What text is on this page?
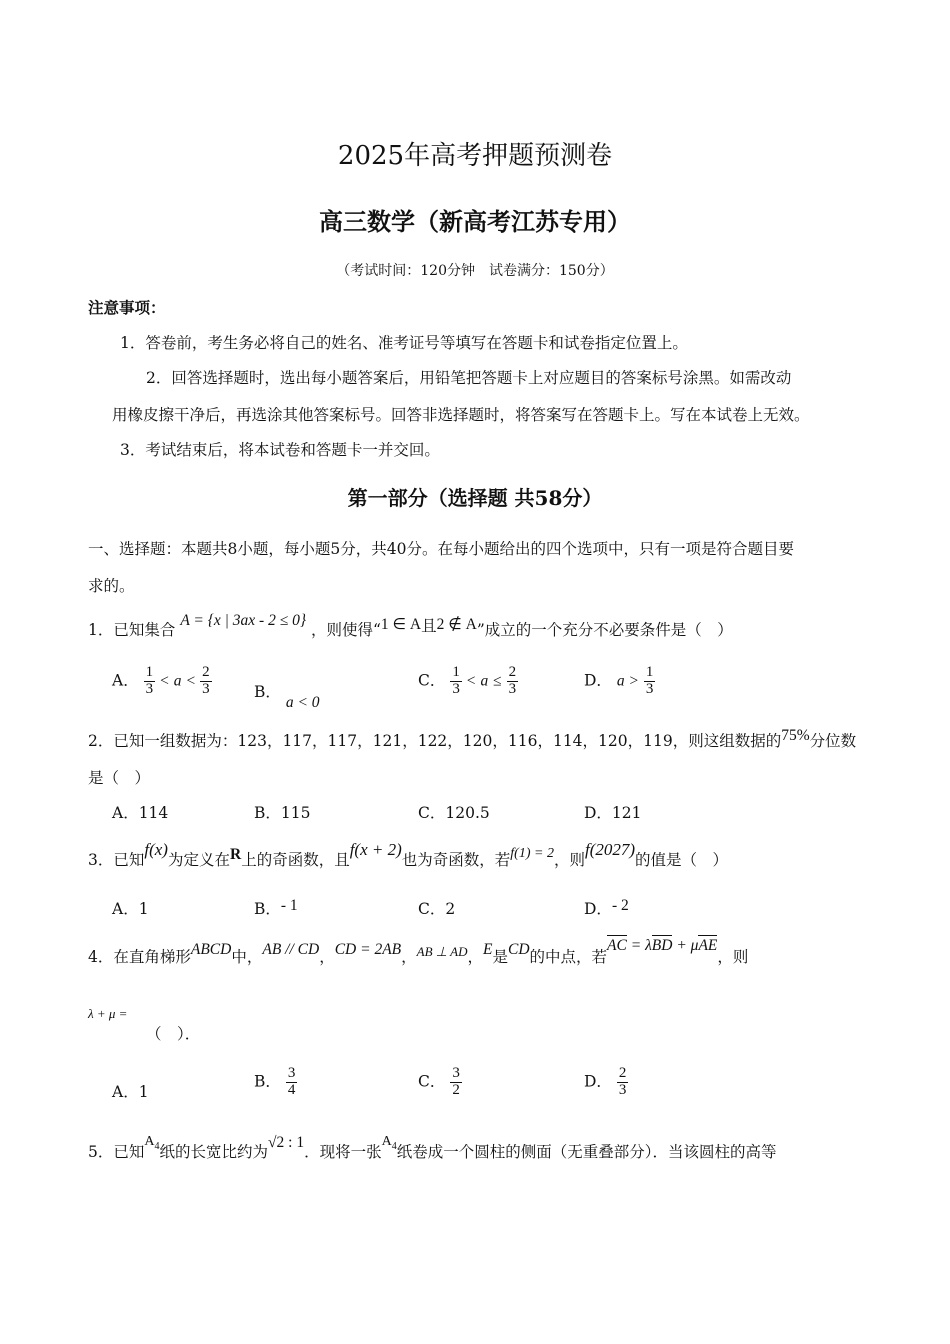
2025年高考押题预测卷
高三数学（新高考江苏专用）
（考试时间：120分钟　试卷满分：150分）
注意事项：
1．答卷前，考生务必将自己的姓名、准考证号等填写在答题卡和试卷指定位置上。
2．回答选择题时，选出每小题答案后，用铅笔把答题卡上对应题目的答案标号涂黑。如需改动
用橡皮擦干净后，再选涂其他答案标号。回答非选择题时，将答案写在答题卡上。写在本试卷上无效。
3．考试结束后，将本试卷和答题卡一并交回。
第一部分（选择题 共58分）
一、选择题：本题共8小题，每小题5分，共40分。在每小题给出的四个选项中，只有一项是符合题目要
求的。
1．已知集合 A = {x | 3ax - 2 ≤ 0} ，则使得“1 ∈ A且2 ∉ A”成立的一个充分不必要条件是（　）
A． $\frac{1}{3} < a < \frac{2}{3}$	B． a < 0
C． $\frac{1}{3} < a \le \frac{2}{3}$	D． $a > \frac{1}{3}$
2．已知一组数据为：123，117，117，121，122，120，116，114，120，119，则这组数据的75%分位数
是（　）
A．114	B．115	C．120.5	D．121
3．已知f(x)为定义在R上的奇函数，且f(x + 2)也为奇函数，若f(1) = 2，则f(2027)的值是（　）
A．1	B．- 1	C．2	D．- 2
4．在直角梯形ABCD中，AB // CD，CD = 2AB，$^{AB \perp AD}$，E是CD的中点，若AC = λBD + μAE，则
λ + μ =
（　）．
A．1
B． $\frac{3}{4}$	C． $\frac{3}{2}$	D． $\frac{2}{3}$
5．已知$A_4$纸的长宽比约为√2 : 1．现将一张$A_4$纸卷成一个圆柱的侧面（无重叠部分）．当该圆柱的高等
